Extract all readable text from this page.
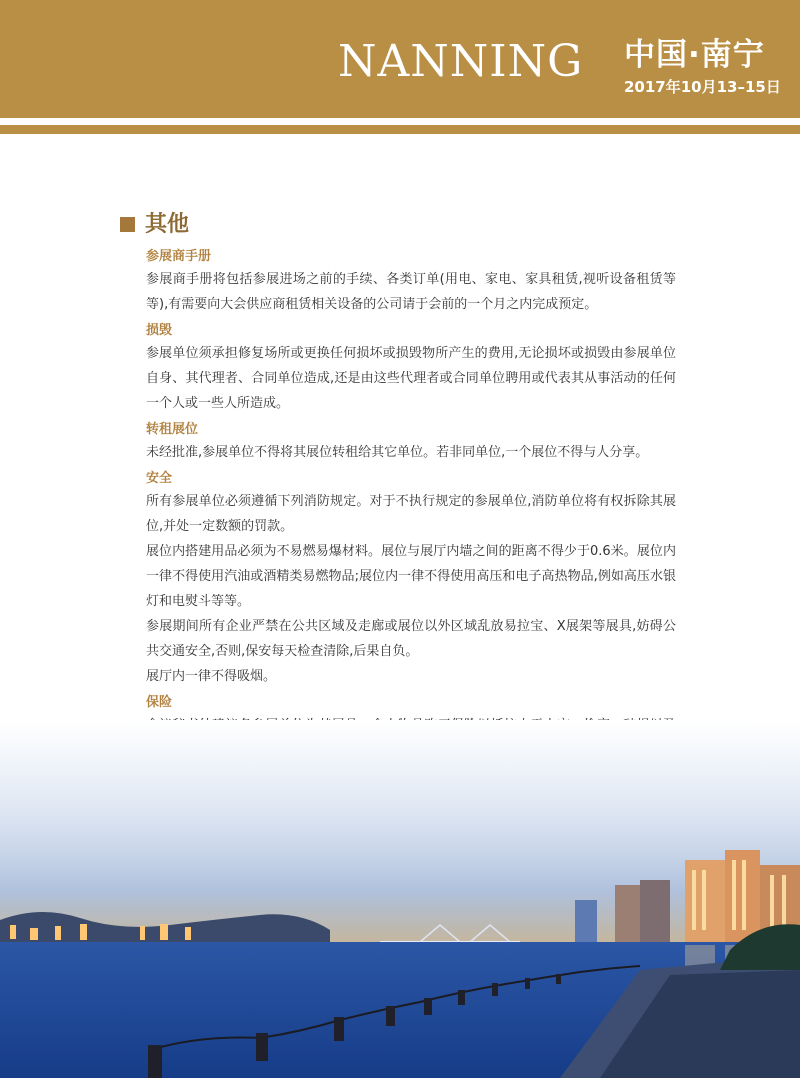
NANNING 中国·南宁
2017年10月13–15日
其他
参展商手册
参展商手册将包括参展进场之前的手续、各类订单(用电、家电、家具租赁,视听设备租赁等等),有需要向大会供应商租赁相关设备的公司请于会前的一个月之内完成预定。
损毁
参展单位须承担修复场所或更换任何损坏或损毁物所产生的费用,无论损坏或损毁由参展单位自身、其代理者、合同单位造成,还是由这些代理者或合同单位聘用或代表其从事活动的任何一个人或一些人所造成。
转租展位
未经批准,参展单位不得将其展位转租给其它单位。若非同单位,一个展位不得与人分享。
安全
所有参展单位必须遵循下列消防规定。对于不执行规定的参展单位,消防单位将有权拆除其展位,并处一定数额的罚款。
展位内搭建用品必须为不易燃易爆材料。展位与展厅内墙之间的距离不得少于0.6米。展位内一律不得使用汽油或酒精类易燃物品;展位内一律不得使用高压和电子高热物品,例如高压水银灯和电熨斗等等。
参展期间所有企业严禁在公共区域及走廊或展位以外区域乱放易拉宝、X展架等展具,妨碍公共交通安全,否则,保安每天检查清除,后果自负。
展厅内一律不得吸烟。
保险
